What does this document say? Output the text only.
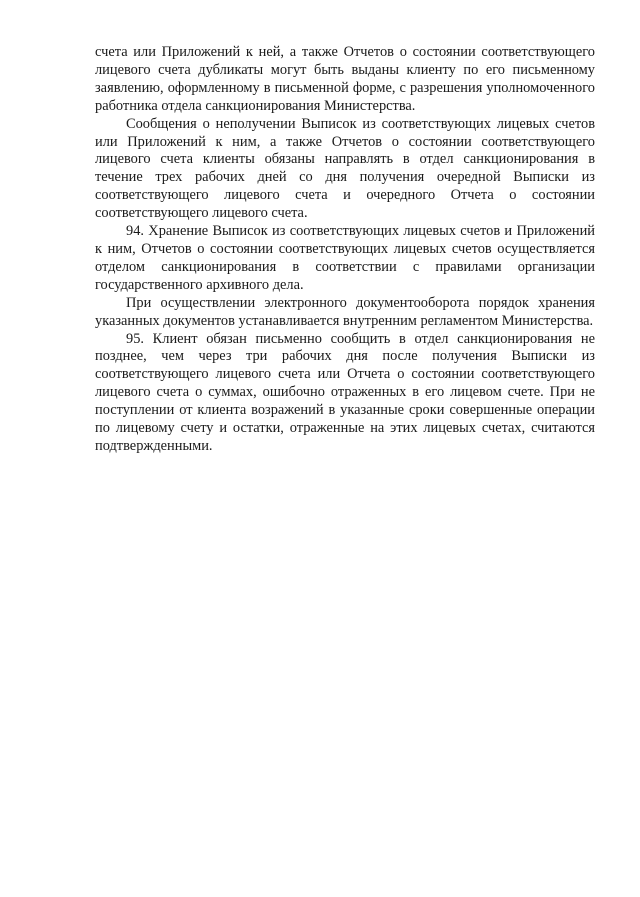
счета или Приложений к ней, а также Отчетов о состоянии соответствующего лицевого счета дубликаты могут быть выданы клиенту по его письменному заявлению, оформленному в письменной форме, с разрешения уполномоченного работника отдела санкционирования Министерства.

Сообщения о неполучении Выписок из соответствующих лицевых счетов или Приложений к ним, а также Отчетов о состоянии соответствующего лицевого счета клиенты обязаны направлять в отдел санкционирования в течение трех рабочих дней со дня получения очередной Выписки из соответствующего лицевого счета и очередного Отчета о состоянии соответствующего лицевого счета.

94. Хранение Выписок из соответствующих лицевых счетов и Приложений к ним, Отчетов о состоянии соответствующих лицевых счетов осуществляется отделом санкционирования в соответствии с правилами организации государственного архивного дела.

При осуществлении электронного документооборота порядок хранения указанных документов устанавливается внутренним регламентом Министерства.

95. Клиент обязан письменно сообщить в отдел санкционирования не позднее, чем через три рабочих дня после получения Выписки из соответствующего лицевого счета или Отчета о состоянии соответствующего лицевого счета о суммах, ошибочно отраженных в его лицевом счете. При не поступлении от клиента возражений в указанные сроки совершенные операции по лицевому счету и остатки, отраженные на этих лицевых счетах, считаются подтвержденными.
